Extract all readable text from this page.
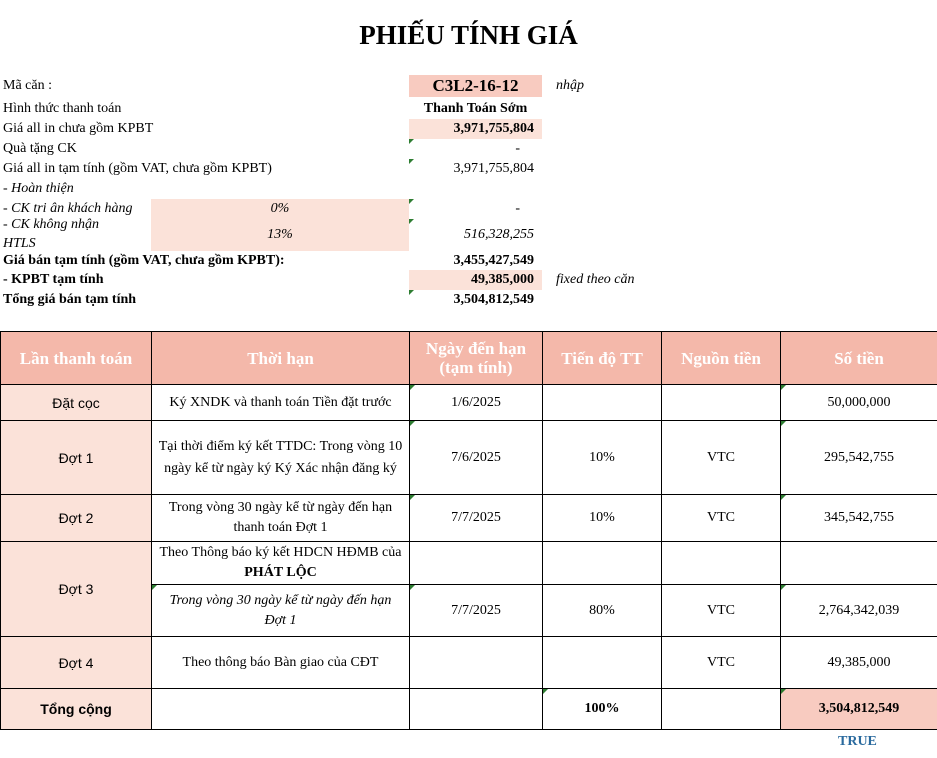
PHIẾU TÍNH GIÁ
Mã căn :	C3L2-16-12	nhập
Hình thức thanh toán	Thanh Toán Sớm
Giá all in chưa gồm KPBT	3,971,755,804
Quà tặng CK	-
Giá all in tạm tính (gồm VAT, chưa gồm KPBT)	3,971,755,804
- Hoàn thiện
- CK tri ân khách hàng	0%	-
- CK không nhận
HTLS
13%	516,328,255
Giá bán tạm tính (gồm VAT, chưa gồm KPBT):	3,455,427,549
- KPBT tạm tính	49,385,000	fixed theo căn
Tổng giá bán tạm tính	3,504,812,549
Lần thanh toán	Thời hạn	Ngày đến hạn (tạm tính)	Tiến độ TT	Nguồn tiền	Số tiền
Đặt cọc	Ký XNDK và thanh toán Tiền đặt trước	1/6/2025			50,000,000
Đợt 1	Tại thời điểm ký kết TTDC: Trong vòng 10 ngày kể từ ngày ký Ký Xác nhận đăng ký	7/6/2025	10%	VTC	295,542,755
Đợt 2	Trong vòng 30 ngày kể từ ngày đến hạn thanh toán Đợt 1	7/7/2025	10%	VTC	345,542,755
Đợt 3	Theo Thông báo ký kết HDCN HĐMB của PHÁT LỘC				

Trong vòng 30 ngày kể từ ngày đến hạn Đợt 1	7/7/2025	80%	VTC	2,764,342,039
Đợt 4	Theo thông báo Bàn giao của CĐT			VTC	49,385,000
Tổng cộng			100%		3,504,812,549
TRUE
